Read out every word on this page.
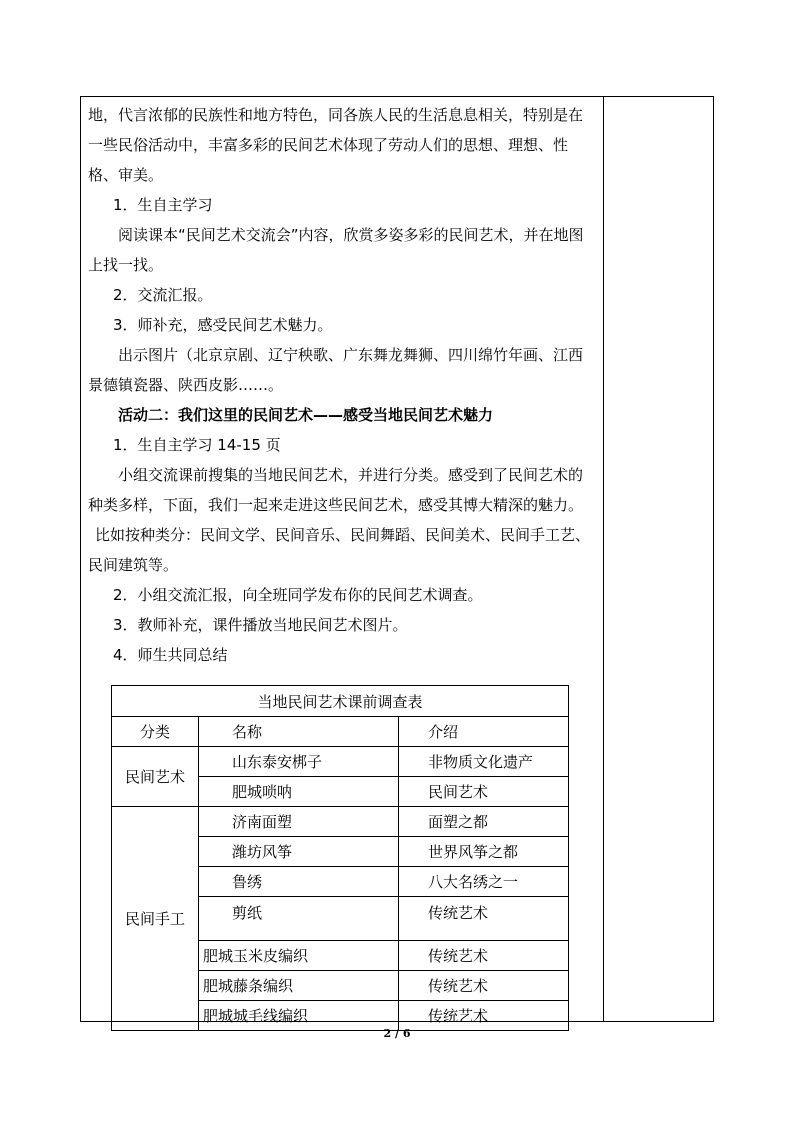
地，代言浓郁的民族性和地方特色，同各族人民的生活息息相关，特别是在一些民俗活动中，丰富多彩的民间艺术体现了劳动人们的思想、理想、性格、审美。

1．生自主学习

阅读课本“民间艺术交流会”内容，欣赏多姿多彩的民间艺术，并在地图上找一找。

2．交流汇报。

3．师补充，感受民间艺术魅力。

出示图片（北京京剧、辽宁秧歌、广东舞龙舞狮、四川绵竹年画、江西景德镇瓷器、陕西皮影……。

活动二：我们这里的民间艺术——感受当地民间艺术魅力

1．生自主学习 14-15 页

小组交流课前搜集的当地民间艺术，并进行分类。感受到了民间艺术的种类多样，下面，我们一起来走进这些民间艺术，感受其博大精深的魅力。

比如按种类分：民间文学、民间音乐、民间舞蹈、民间美术、民间手工艺、民间建筑等。

2．小组交流汇报，向全班同学发布你的民间艺术调查。

3．教师补充，课件播放当地民间艺术图片。

4．师生共同总结

当地民间艺术课前调查表		
分类	名称	介绍
民间艺术	山东泰安梆子	非物质文化遗产
	肥城唢呐	民间艺术
民间手工	济南面塑	面塑之都
	潍坊风筝	世界风筝之都
	鲁绣	八大名绣之一
	剪纸	传统艺术
	肥城玉米皮编织	传统艺术
	肥城藤条编织	传统艺术
	肥城城毛线编织	传统艺术
2 / 6
